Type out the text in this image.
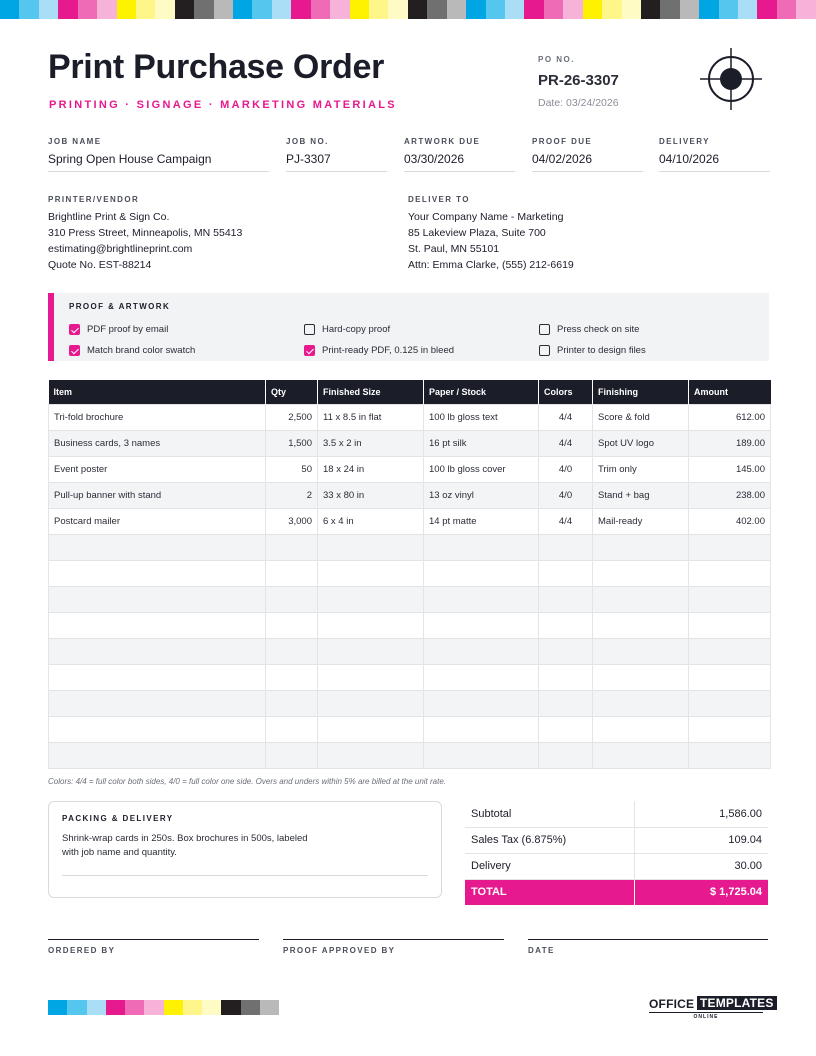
Print Purchase Order
PRINTING · SIGNAGE · MARKETING MATERIALS
PO NO.
PR-26-3307
Date: 03/24/2026
JOB NAME
Spring Open House Campaign
JOB NO.
PJ-3307
ARTWORK DUE
03/30/2026
PROOF DUE
04/02/2026
DELIVERY
04/10/2026
PRINTER/VENDOR
Brightline Print & Sign Co.
310 Press Street, Minneapolis, MN 55413
estimating@brightlineprint.com
Quote No. EST-88214
DELIVER TO
Your Company Name - Marketing
85 Lakeview Plaza, Suite 700
St. Paul, MN 55101
Attn: Emma Clarke, (555) 212-6619
PROOF & ARTWORK
PDF proof by email	Hard-copy proof	Press check on site
Match brand color swatch	Print-ready PDF, 0.125 in bleed	Printer to design files
Item	Qty	Finished Size	Paper / Stock	Colors	Finishing	Amount
Tri-fold brochure	2,500	11 x 8.5 in flat	100 lb gloss text	4/4	Score & fold	612.00
Business cards, 3 names	1,500	3.5 x 2 in	16 pt silk	4/4	Spot UV logo	189.00
Event poster	50	18 x 24 in	100 lb gloss cover	4/0	Trim only	145.00
Pull-up banner with stand	2	33 x 80 in	13 oz vinyl	4/0	Stand + bag	238.00
Postcard mailer	3,000	6 x 4 in	14 pt matte	4/4	Mail-ready	402.00

Colors: 4/4 = full color both sides, 4/0 = full color one side. Overs and unders within 5% are billed at the unit rate.
PACKING & DELIVERY
Shrink-wrap cards in 250s. Box brochures in 500s, labeled with job name and quantity.
Subtotal	1,586.00
Sales Tax (6.875%)	109.04
Delivery	30.00
TOTAL	$ 1,725.04
ORDERED BY	PROOF APPROVED BY	DATE
OFFICE TEMPLATES
ONLINE
